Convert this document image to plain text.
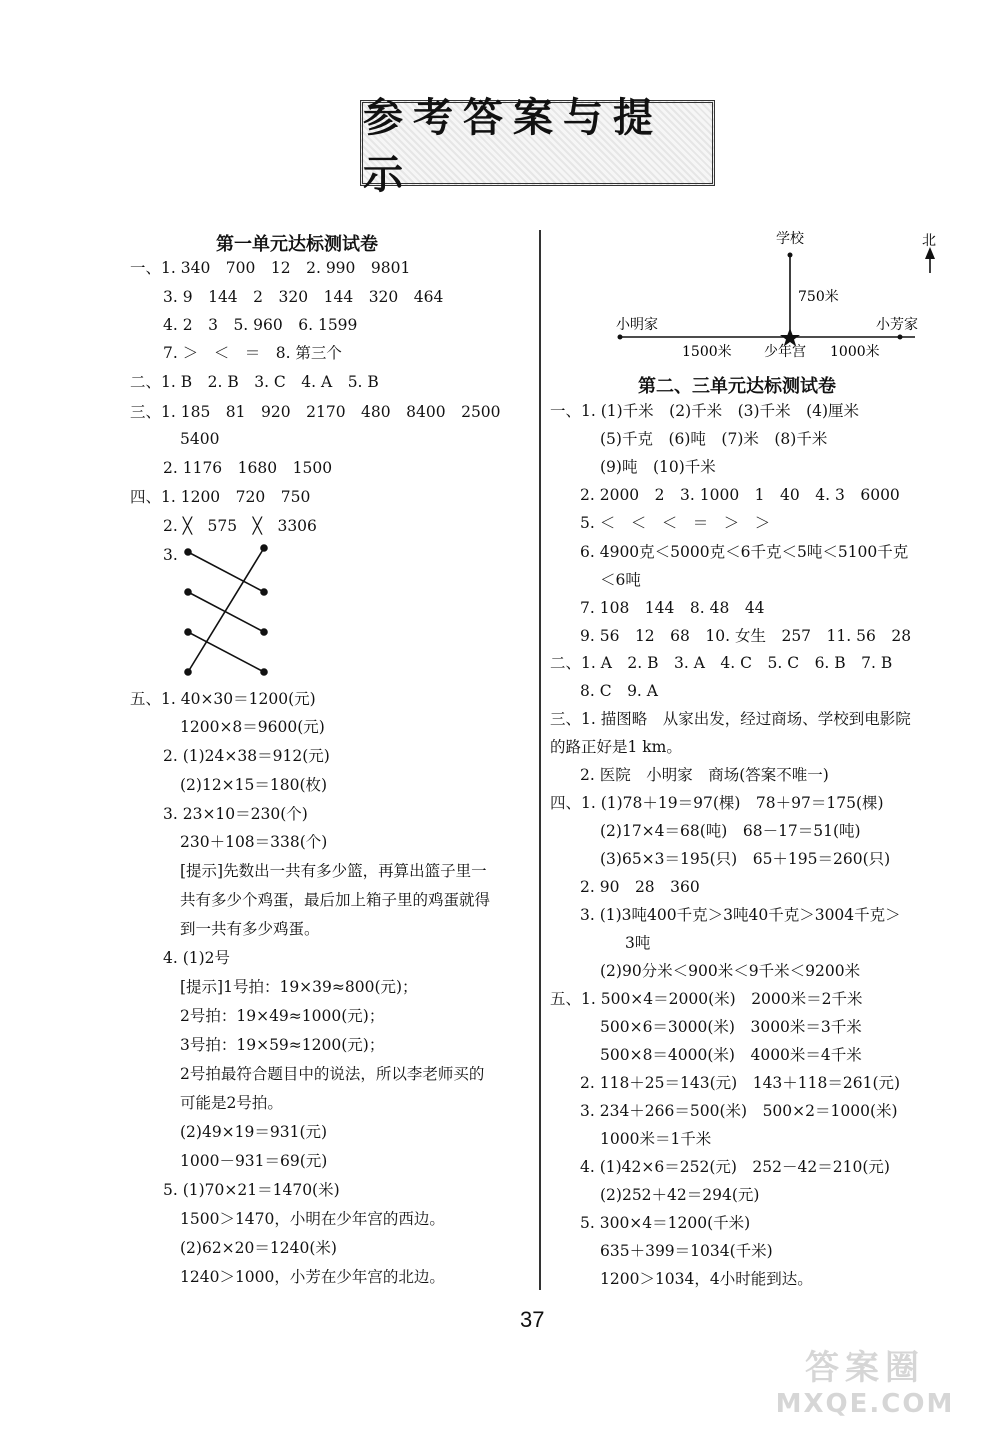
参考答案与提示
第一单元达标测试卷
一、1. 340　700　12　2. 990　9801
3. 9　144　2　320　144　320　464
4. 2　3　5. 960　6. 1599
7. ＞　＜　＝　8. 第三个
二、1. B　2. B　3. C　4. A　5. B
三、1. 185　81　920　2170　480　8400　2500
5400
2. 1176　1680　1500
四、1. 1200　720　750
2. ╳　575　╳　3306
3.
五、1. 40×30＝1200(元)
1200×8＝9600(元)
2. (1)24×38＝912(元)
(2)12×15＝180(枚)
3. 23×10＝230(个)
230＋108＝338(个)
[提示]先数出一共有多少篮，再算出篮子里一
共有多少个鸡蛋，最后加上箱子里的鸡蛋就得
到一共有多少鸡蛋。
4. (1)2号
[提示]1号拍：19×39≈800(元)；
2号拍：19×49≈1000(元)；
3号拍：19×59≈1200(元)；
2号拍最符合题目中的说法，所以李老师买的
可能是2号拍。
(2)49×19＝931(元)
1000－931＝69(元)
5. (1)70×21＝1470(米)
1500＞1470，小明在少年宫的西边。
(2)62×20＝1240(米)
1240＞1000，小芳在少年宫的北边。
学校	北
750米
小明家	小芳家
1500米 少年宫 1000米
第二、三单元达标测试卷
一、1. (1)千米　(2)千米　(3)千米　(4)厘米
(5)千克　(6)吨　(7)米　(8)千米
(9)吨　(10)千米
2. 2000　2　3. 1000　1　40　4. 3　6000
5. ＜　＜　＜　＝　＞　＞
6. 4900克＜5000克＜6千克＜5吨＜5100千克
＜6吨
7. 108　144　8. 48　44
9. 56　12　68　10. 女生　257　11. 56　28
二、1. A　2. B　3. A　4. C　5. C　6. B　7. B
8. C　9. A
三、1. 描图略　从家出发，经过商场、学校到电影院
的路正好是1 km。
2. 医院　小明家　商场(答案不唯一)
四、1. (1)78＋19＝97(棵)　78＋97＝175(棵)
(2)17×4＝68(吨)　68－17＝51(吨)
(3)65×3＝195(只)　65＋195＝260(只)
2. 90　28　360
3. (1)3吨400千克＞3吨40千克＞3004千克＞
3吨
(2)90分米＜900米＜9千米＜9200米
五、1. 500×4＝2000(米)　2000米＝2千米
500×6＝3000(米)　3000米＝3千米
500×8＝4000(米)　4000米＝4千米
2. 118＋25＝143(元)　143＋118＝261(元)
3. 234＋266＝500(米)　500×2＝1000(米)
1000米＝1千米
4. (1)42×6＝252(元)　252－42＝210(元)
(2)252＋42＝294(元)
5. 300×4＝1200(千米)
635＋399＝1034(千米)
1200＞1034，4小时能到达。
37
答案圈
MXQE.COM
